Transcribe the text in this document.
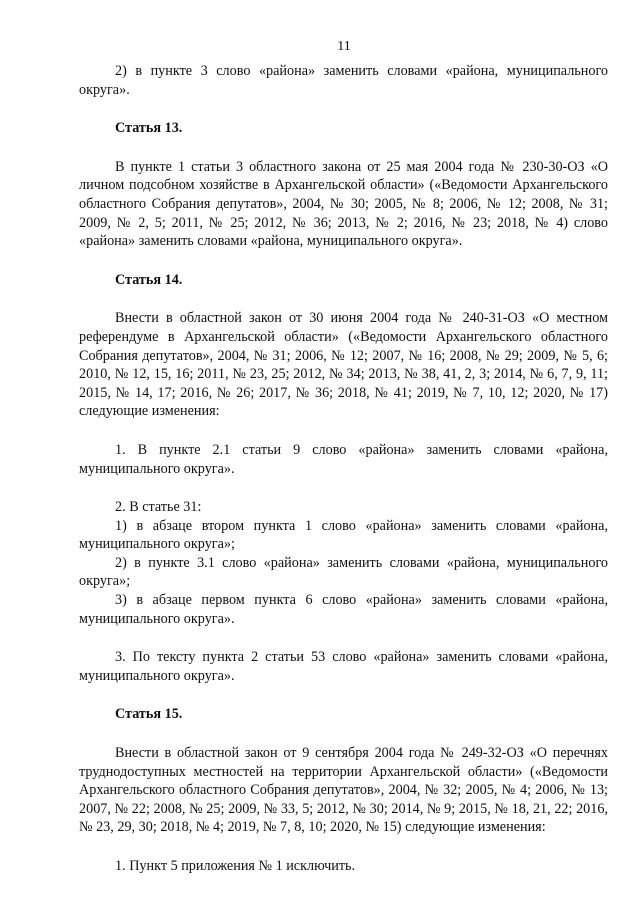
11

2) в пункте 3 слово «района» заменить словами «района, муниципального округа».

Статья 13.

В пункте 1 статьи 3 областного закона от 25 мая 2004 года № 230-30-ОЗ «О личном подсобном хозяйстве в Архангельской области» («Ведомости Архангельского областного Собрания депутатов», 2004, № 30; 2005, № 8; 2006, № 12; 2008, № 31; 2009, № 2, 5; 2011, № 25; 2012, № 36; 2013, № 2; 2016, № 23; 2018, № 4) слово «района» заменить словами «района, муниципального округа».

Статья 14.

Внести в областной закон от 30 июня 2004 года № 240-31-ОЗ «О местном референдуме в Архангельской области» («Ведомости Архангельского областного Собрания депутатов», 2004, № 31; 2006, № 12; 2007, № 16; 2008, № 29; 2009, № 5, 6; 2010, № 12, 15, 16; 2011, № 23, 25; 2012, № 34; 2013, № 38, 41, 2, 3; 2014, № 6, 7, 9, 11; 2015, № 14, 17; 2016, № 26; 2017, № 36; 2018, № 41; 2019, № 7, 10, 12; 2020, № 17) следующие изменения:

1. В пункте 2.1 статьи 9 слово «района» заменить словами «района, муниципального округа».

2. В статье 31:

1) в абзаце втором пункта 1 слово «района» заменить словами «района, муниципального округа»;

2) в пункте 3.1 слово «района» заменить словами «района, муниципального округа»;

3) в абзаце первом пункта 6 слово «района» заменить словами «района, муниципального округа».

3. По тексту пункта 2 статьи 53 слово «района» заменить словами «района, муниципального округа».

Статья 15.

Внести в областной закон от 9 сентября 2004 года № 249-32-ОЗ «О перечнях труднодоступных местностей на территории Архангельской области» («Ведомости Архангельского областного Собрания депутатов», 2004, № 32; 2005, № 4; 2006, № 13; 2007, № 22; 2008, № 25; 2009, № 33, 5; 2012, № 30; 2014, № 9; 2015, № 18, 21, 22; 2016, № 23, 29, 30; 2018, № 4; 2019, № 7, 8, 10; 2020, № 15) следующие изменения:

1. Пункт 5 приложения № 1 исключить.
